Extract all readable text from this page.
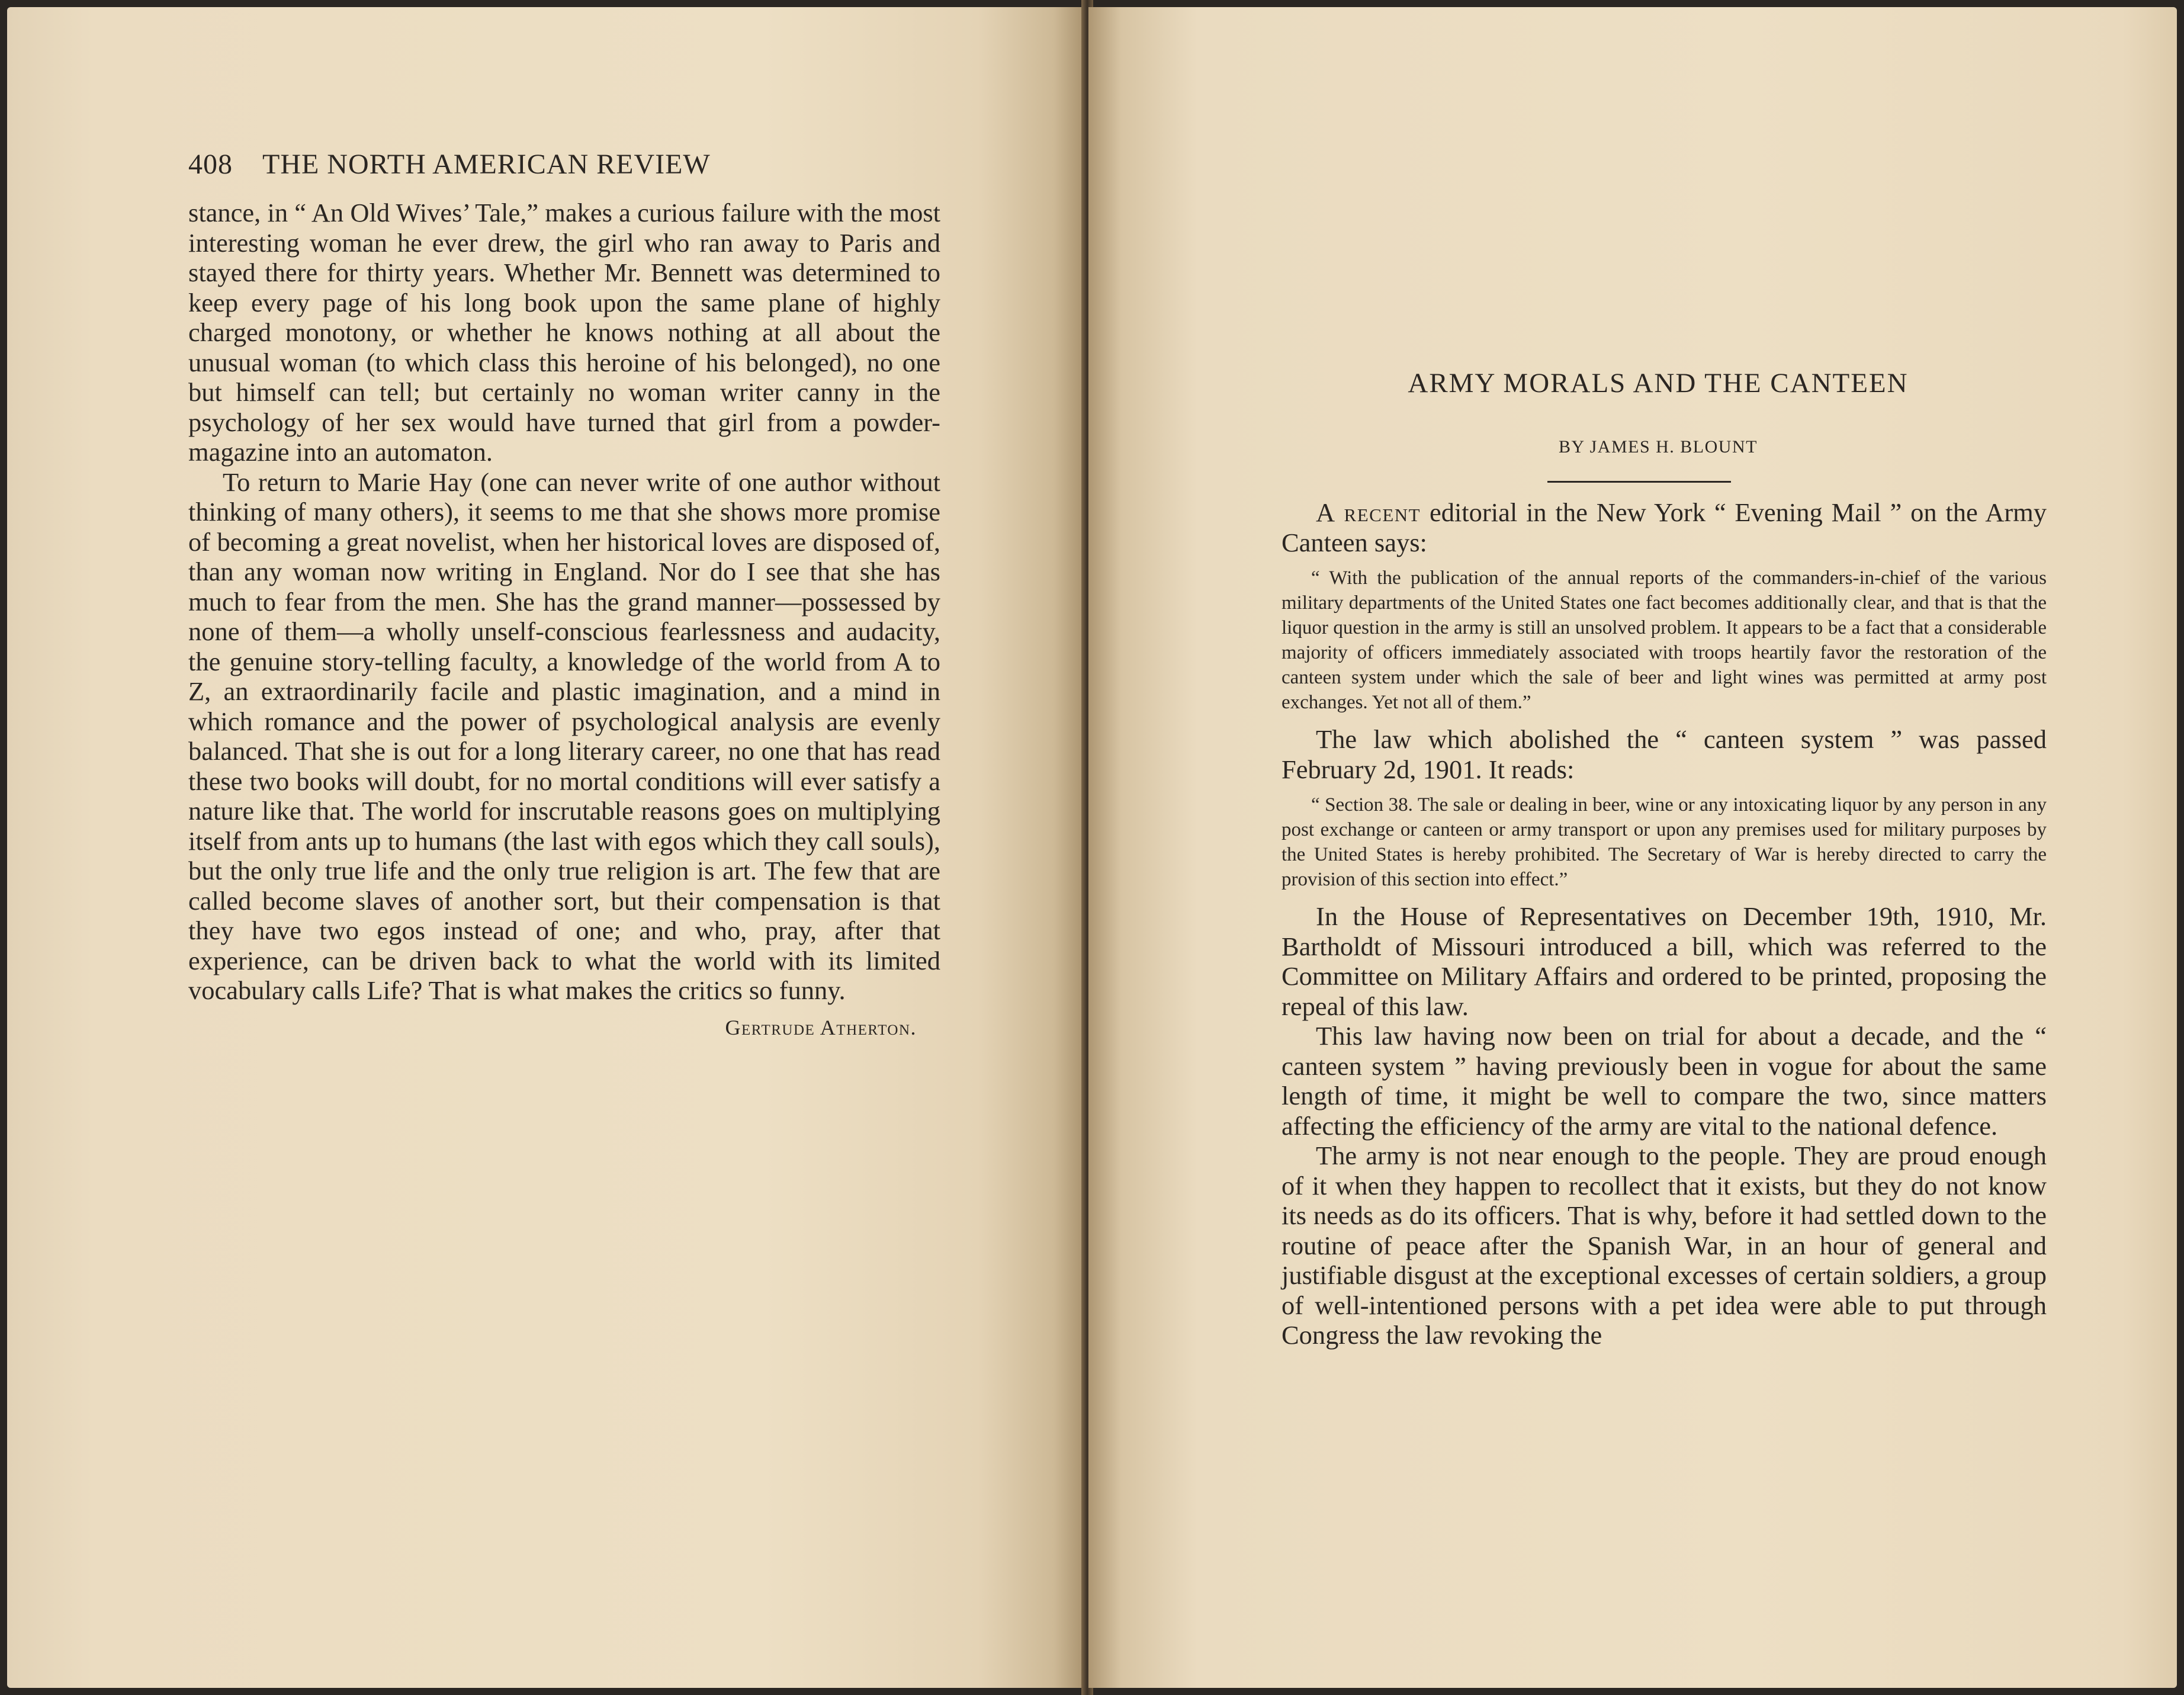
408 THE NORTH AMERICAN REVIEW

stance, in “ An Old Wives’ Tale,” makes a curious failure with the most interesting woman he ever drew, the girl who ran away to Paris and stayed there for thirty years. Whether Mr. Bennett was determined to keep every page of his long book upon the same plane of highly charged monotony, or whether he knows nothing at all about the unusual woman (to which class this heroine of his belonged), no one but himself can tell; but certainly no woman writer canny in the psychology of her sex would have turned that girl from a powder-magazine into an automaton.

To return to Marie Hay (one can never write of one author without thinking of many others), it seems to me that she shows more promise of becoming a great novelist, when her historical loves are disposed of, than any woman now writing in England. Nor do I see that she has much to fear from the men. She has the grand manner—possessed by none of them—a wholly unself-conscious fearlessness and audacity, the genuine story-telling faculty, a knowledge of the world from A to Z, an extraordinarily facile and plastic imagination, and a mind in which romance and the power of psychological analysis are evenly balanced. That she is out for a long literary career, no one that has read these two books will doubt, for no mortal conditions will ever satisfy a nature like that. The world for inscrutable reasons goes on multiplying itself from ants up to humans (the last with egos which they call souls), but the only true life and the only true religion is art. The few that are called become slaves of another sort, but their compensation is that they have two egos instead of one; and who, pray, after that experience, can be driven back to what the world with its limited vocabulary calls Life? That is what makes the critics so funny.

Gertrude Atherton.

ARMY MORALS AND THE CANTEEN
BY JAMES H. BLOUNT

A recent editorial in the New York “ Evening Mail ” on the Army Canteen says:

“ With the publication of the annual reports of the commanders-in-chief of the various military departments of the United States one fact becomes additionally clear, and that is that the liquor question in the army is still an unsolved problem. It appears to be a fact that a considerable majority of officers immediately associated with troops heartily favor the restoration of the canteen system under which the sale of beer and light wines was permitted at army post exchanges. Yet not all of them.”

The law which abolished the “ canteen system ” was passed February 2d, 1901. It reads:

“ Section 38. The sale or dealing in beer, wine or any intoxicating liquor by any person in any post exchange or canteen or army transport or upon any premises used for military purposes by the United States is hereby prohibited. The Secretary of War is hereby directed to carry the provision of this section into effect.”

In the House of Representatives on December 19th, 1910, Mr. Bartholdt of Missouri introduced a bill, which was referred to the Committee on Military Affairs and ordered to be printed, proposing the repeal of this law.

This law having now been on trial for about a decade, and the “ canteen system ” having previously been in vogue for about the same length of time, it might be well to compare the two, since matters affecting the efficiency of the army are vital to the national defence.

The army is not near enough to the people. They are proud enough of it when they happen to recollect that it exists, but they do not know its needs as do its officers. That is why, before it had settled down to the routine of peace after the Spanish War, in an hour of general and justifiable disgust at the exceptional excesses of certain soldiers, a group of well-intentioned persons with a pet idea were able to put through Congress the law revoking the
